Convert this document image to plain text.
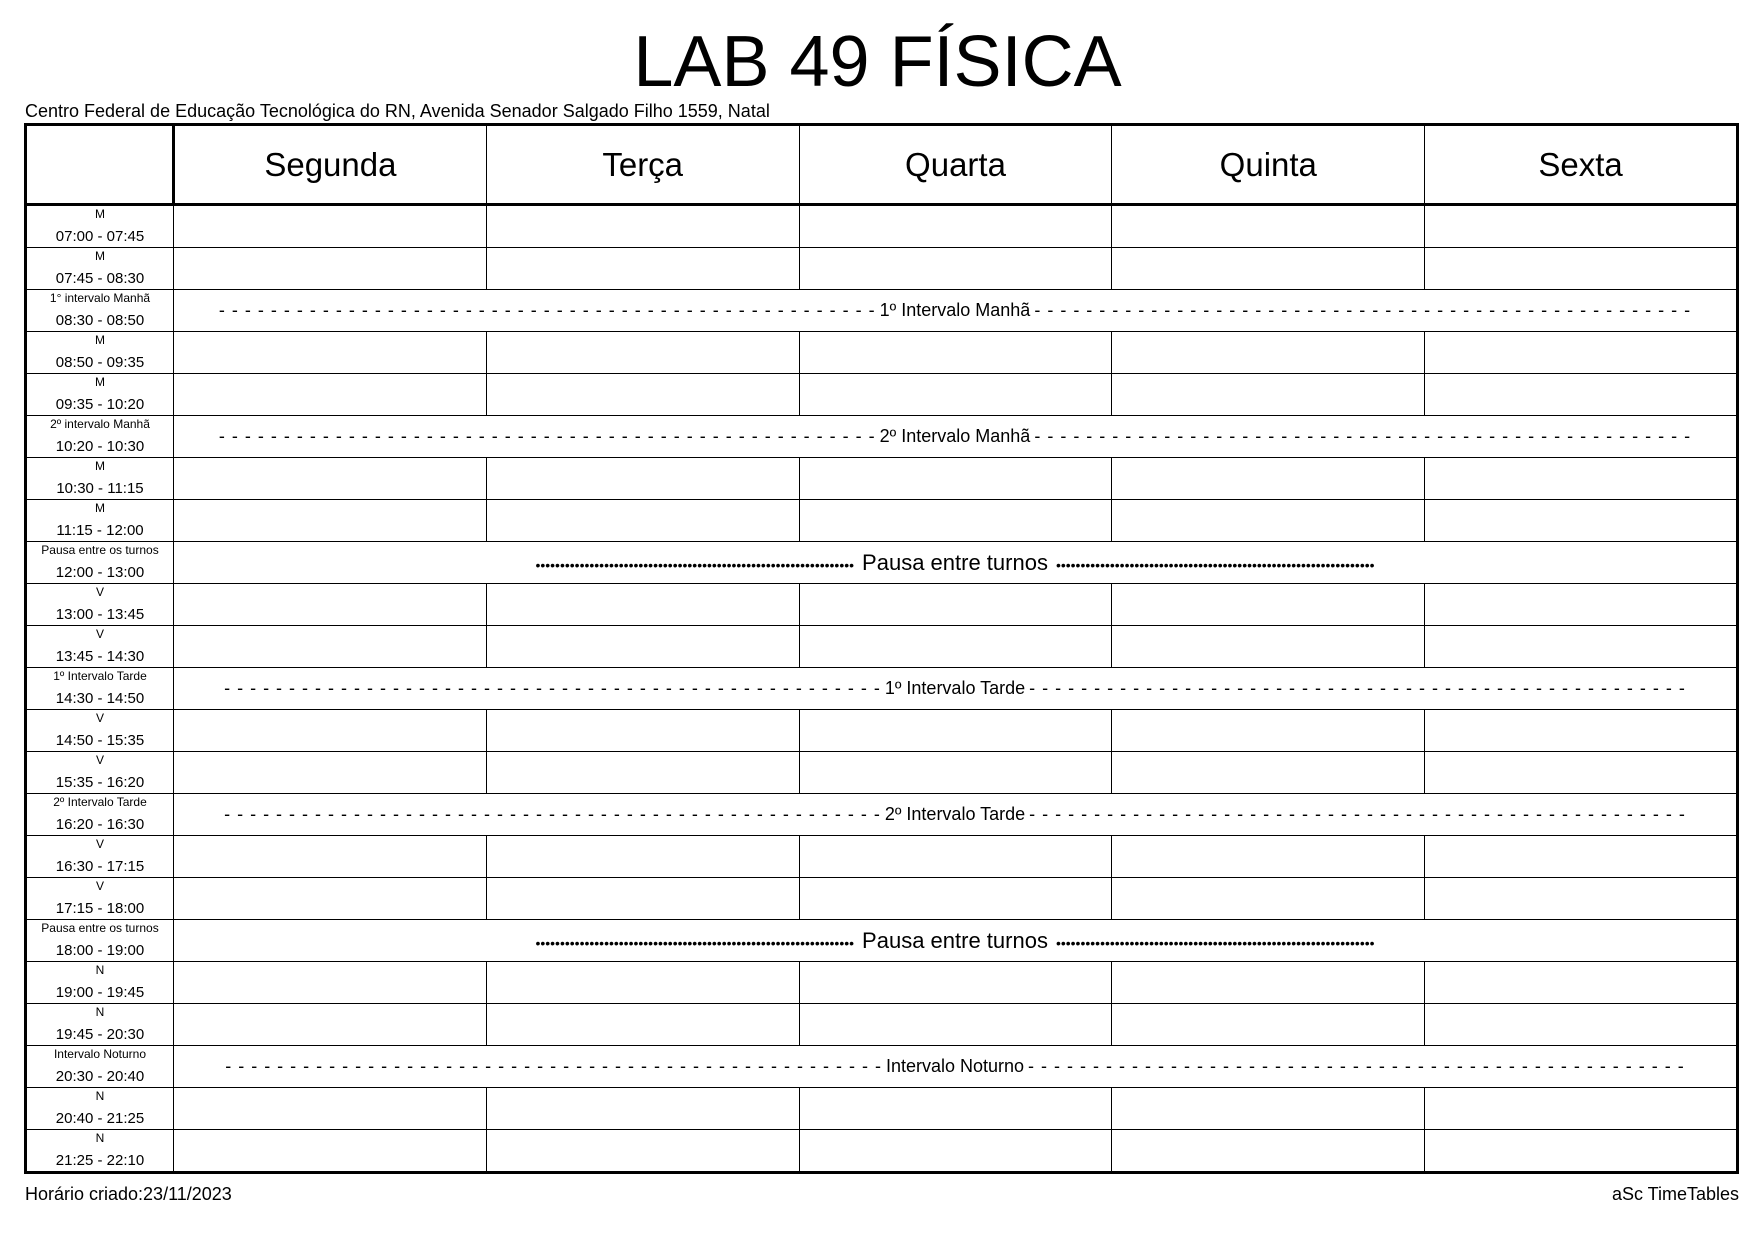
LAB 49 FÍSICA
Centro Federal de Educação Tecnológica do RN, Avenida Senador Salgado Filho 1559, Natal
	Segunda	Terça	Quarta	Quinta	Sexta

M
07:00 - 07:45					

M
07:45 - 08:30					

1° intervalo Manhã
08:30 - 08:50	- - - - - - - - - - - - - - - - - - - - - - - - - - - - - - - - - - - - - - - - - - - - - - - - - - - 1º Intervalo Manhã - - - - - - - - - - - - - - - - - - - - - - - - - - - - - - - - - - - - - - - - - - - - - - - - - - -				

M
08:50 - 09:35					

M
09:35 - 10:20					

2º intervalo Manhã
10:20 - 10:30	- - - - - - - - - - - - - - - - - - - - - - - - - - - - - - - - - - - - - - - - - - - - - - - - - - - 2º Intervalo Manhã - - - - - - - - - - - - - - - - - - - - - - - - - - - - - - - - - - - - - - - - - - - - - - - - - - -				

M
10:30 - 11:15					

M
11:15 - 12:00					

Pausa entre os turnos
12:00 - 13:00	••••••••••••••••••••••••••••••••••••••••••••••••••••••••••••••••• Pausa entre turnos •••••••••••••••••••••••••••••••••••••••••••••••••••••••••••••••••				

V
13:00 - 13:45					

V
13:45 - 14:30					

1º Intervalo Tarde
14:30 - 14:50	- - - - - - - - - - - - - - - - - - - - - - - - - - - - - - - - - - - - - - - - - - - - - - - - - - - 1º Intervalo Tarde - - - - - - - - - - - - - - - - - - - - - - - - - - - - - - - - - - - - - - - - - - - - - - - - - - -				

V
14:50 - 15:35					

V
15:35 - 16:20					

2º Intervalo Tarde
16:20 - 16:30	- - - - - - - - - - - - - - - - - - - - - - - - - - - - - - - - - - - - - - - - - - - - - - - - - - - 2º Intervalo Tarde - - - - - - - - - - - - - - - - - - - - - - - - - - - - - - - - - - - - - - - - - - - - - - - - - - -				

V
16:30 - 17:15					

V
17:15 - 18:00					

Pausa entre os turnos
18:00 - 19:00	••••••••••••••••••••••••••••••••••••••••••••••••••••••••••••••••• Pausa entre turnos •••••••••••••••••••••••••••••••••••••••••••••••••••••••••••••••••				

N
19:00 - 19:45					

N
19:45 - 20:30					

Intervalo Noturno
20:30 - 20:40	- - - - - - - - - - - - - - - - - - - - - - - - - - - - - - - - - - - - - - - - - - - - - - - - - - - Intervalo Noturno - - - - - - - - - - - - - - - - - - - - - - - - - - - - - - - - - - - - - - - - - - - - - - - - - - -				

N
20:40 - 21:25					

N
21:25 - 22:10					

Horário criado:23/11/2023	aSc TimeTables
